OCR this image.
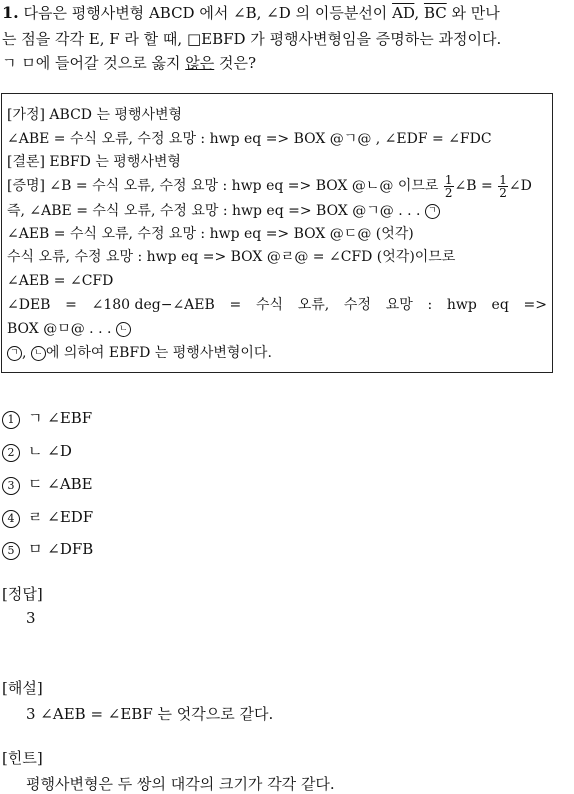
1. 다음은 평행사변형 ABCD 에서 ∠B, ∠D 의 이등분선이 $\overline{AD}$, $\overline{BC}$ 와 만나
는 점을 각각 E, F 라 할 때, □EBFD 가 평행사변형임을 증명하는 과정이다.
ㄱ ㅁ에 들어갈 것으로 옳지 않은 것은?
[가정] ABCD 는 평행사변형
∠ABE = 수식 오류, 수정 요망 : hwp eq => BOX @ㄱ@ , ∠EDF = ∠FDC
[결론] EBFD 는 평행사변형
[증명] ∠B = 수식 오류, 수정 요망 : hwp eq => BOX @ㄴ@ 이므로 $\frac{1}{2}$ ∠B = $\frac{1}{2}$ ∠D
즉, ∠ABE = 수식 오류, 수정 요망 : hwp eq => BOX @ㄱ@ . . . ㄱ
∠AEB = 수식 오류, 수정 요망 : hwp eq => BOX @ㄷ@ (엇각)
수식 오류, 수정 요망 : hwp eq => BOX @ㄹ@ = ∠CFD (엇각)이므로
∠AEB = ∠CFD
∠DEB = ∠180 deg−∠AEB = 수식 오류, 수정 요망 : hwp eq =>
BOX @ㅁ@ . . . ㄴ
ㄱ , ㄴ 에 의하여 EBFD 는 평행사변형이다.
1 ㄱ ∠EBF
2 ㄴ ∠D
3 ㄷ ∠ABE
4 ㄹ ∠EDF
5 ㅁ ∠DFB
[정답]
3
[해설]
3 ∠AEB = ∠EBF 는 엇각으로 같다.
[힌트]
평행사변형은 두 쌍의 대각의 크기가 각각 같다.
